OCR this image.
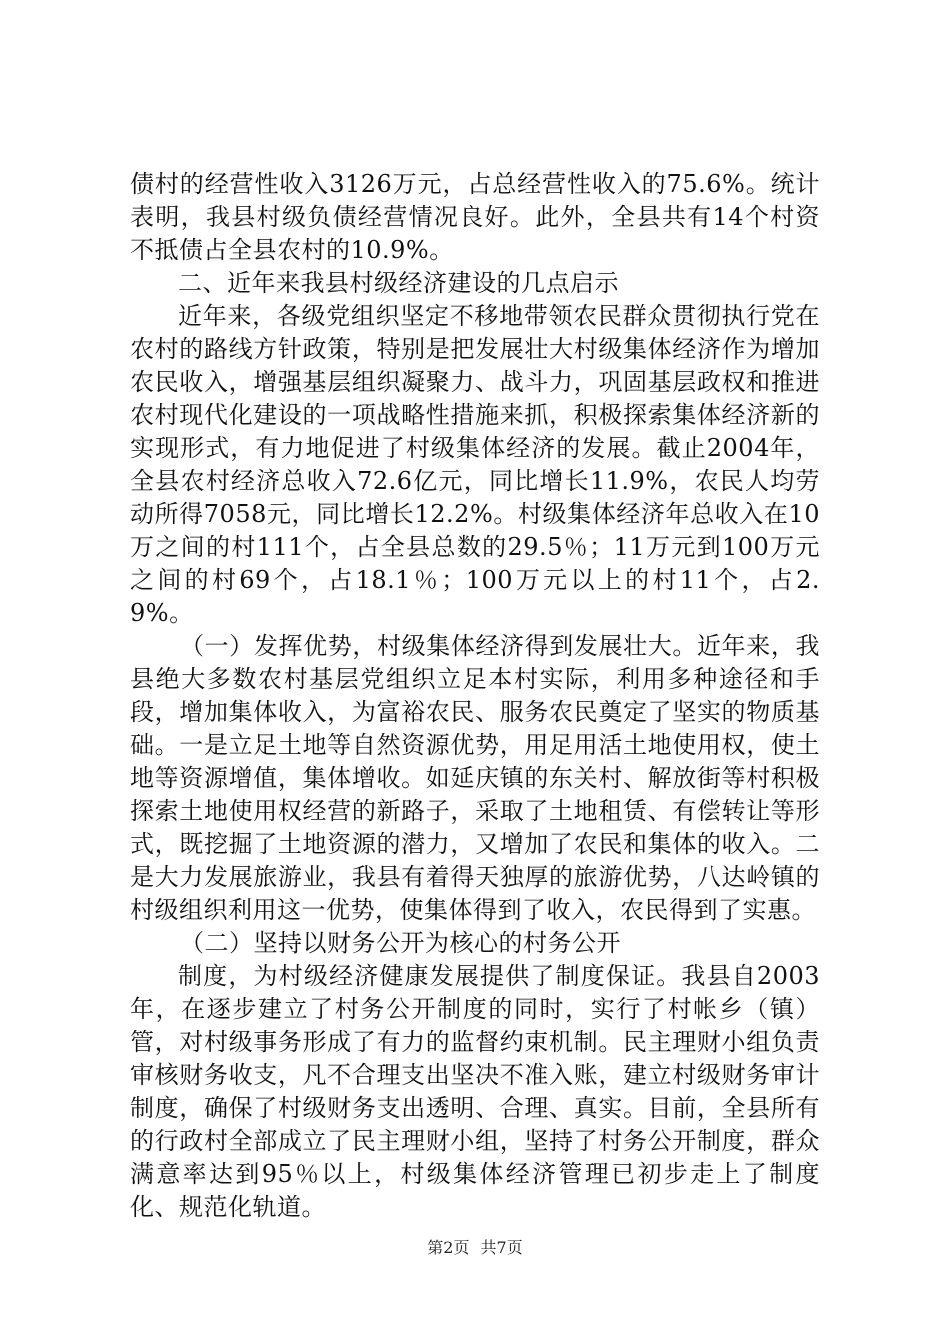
债村的经营性收入3126万元，占总经营性收入的75.6%。统计表明，我县村级负债经营情况良好。此外，全县共有14个村资不抵债占全县农村的10.9%。

二、近年来我县村级经济建设的几点启示

近年来，各级党组织坚定不移地带领农民群众贯彻执行党在农村的路线方针政策，特别是把发展壮大村级集体经济作为增加农民收入，增强基层组织凝聚力、战斗力，巩固基层政权和推进农村现代化建设的一项战略性措施来抓，积极探索集体经济新的实现形式，有力地促进了村级集体经济的发展。截止2004年，全县农村经济总收入72.6亿元，同比增长11.9%，农民人均劳动所得7058元，同比增长12.2%。村级集体经济年总收入在10万之间的村111个，占全县总数的29.5％；11万元到100万元之间的村69个，占18.1％；100万元以上的村11个，占2.9%。

（一）发挥优势，村级集体经济得到发展壮大。近年来，我县绝大多数农村基层党组织立足本村实际，利用多种途径和手段，增加集体收入，为富裕农民、服务农民奠定了坚实的物质基础。一是立足土地等自然资源优势，用足用活土地使用权，使土地等资源增值，集体增收。如延庆镇的东关村、解放街等村积极探索土地使用权经营的新路子，采取了土地租赁、有偿转让等形式，既挖掘了土地资源的潜力，又增加了农民和集体的收入。二是大力发展旅游业，我县有着得天独厚的旅游优势，八达岭镇的村级组织利用这一优势，使集体得到了收入，农民得到了实惠。

（二）坚持以财务公开为核心的村务公开

制度，为村级经济健康发展提供了制度保证。我县自2003年，在逐步建立了村务公开制度的同时，实行了村帐乡（镇）管，对村级事务形成了有力的监督约束机制。民主理财小组负责审核财务收支，凡不合理支出坚决不准入账，建立村级财务审计制度，确保了村级财务支出透明、合理、真实。目前，全县所有的行政村全部成立了民主理财小组，坚持了村务公开制度，群众满意率达到95％以上，村级集体经济管理已初步走上了制度化、规范化轨道。

第2页 共7页
